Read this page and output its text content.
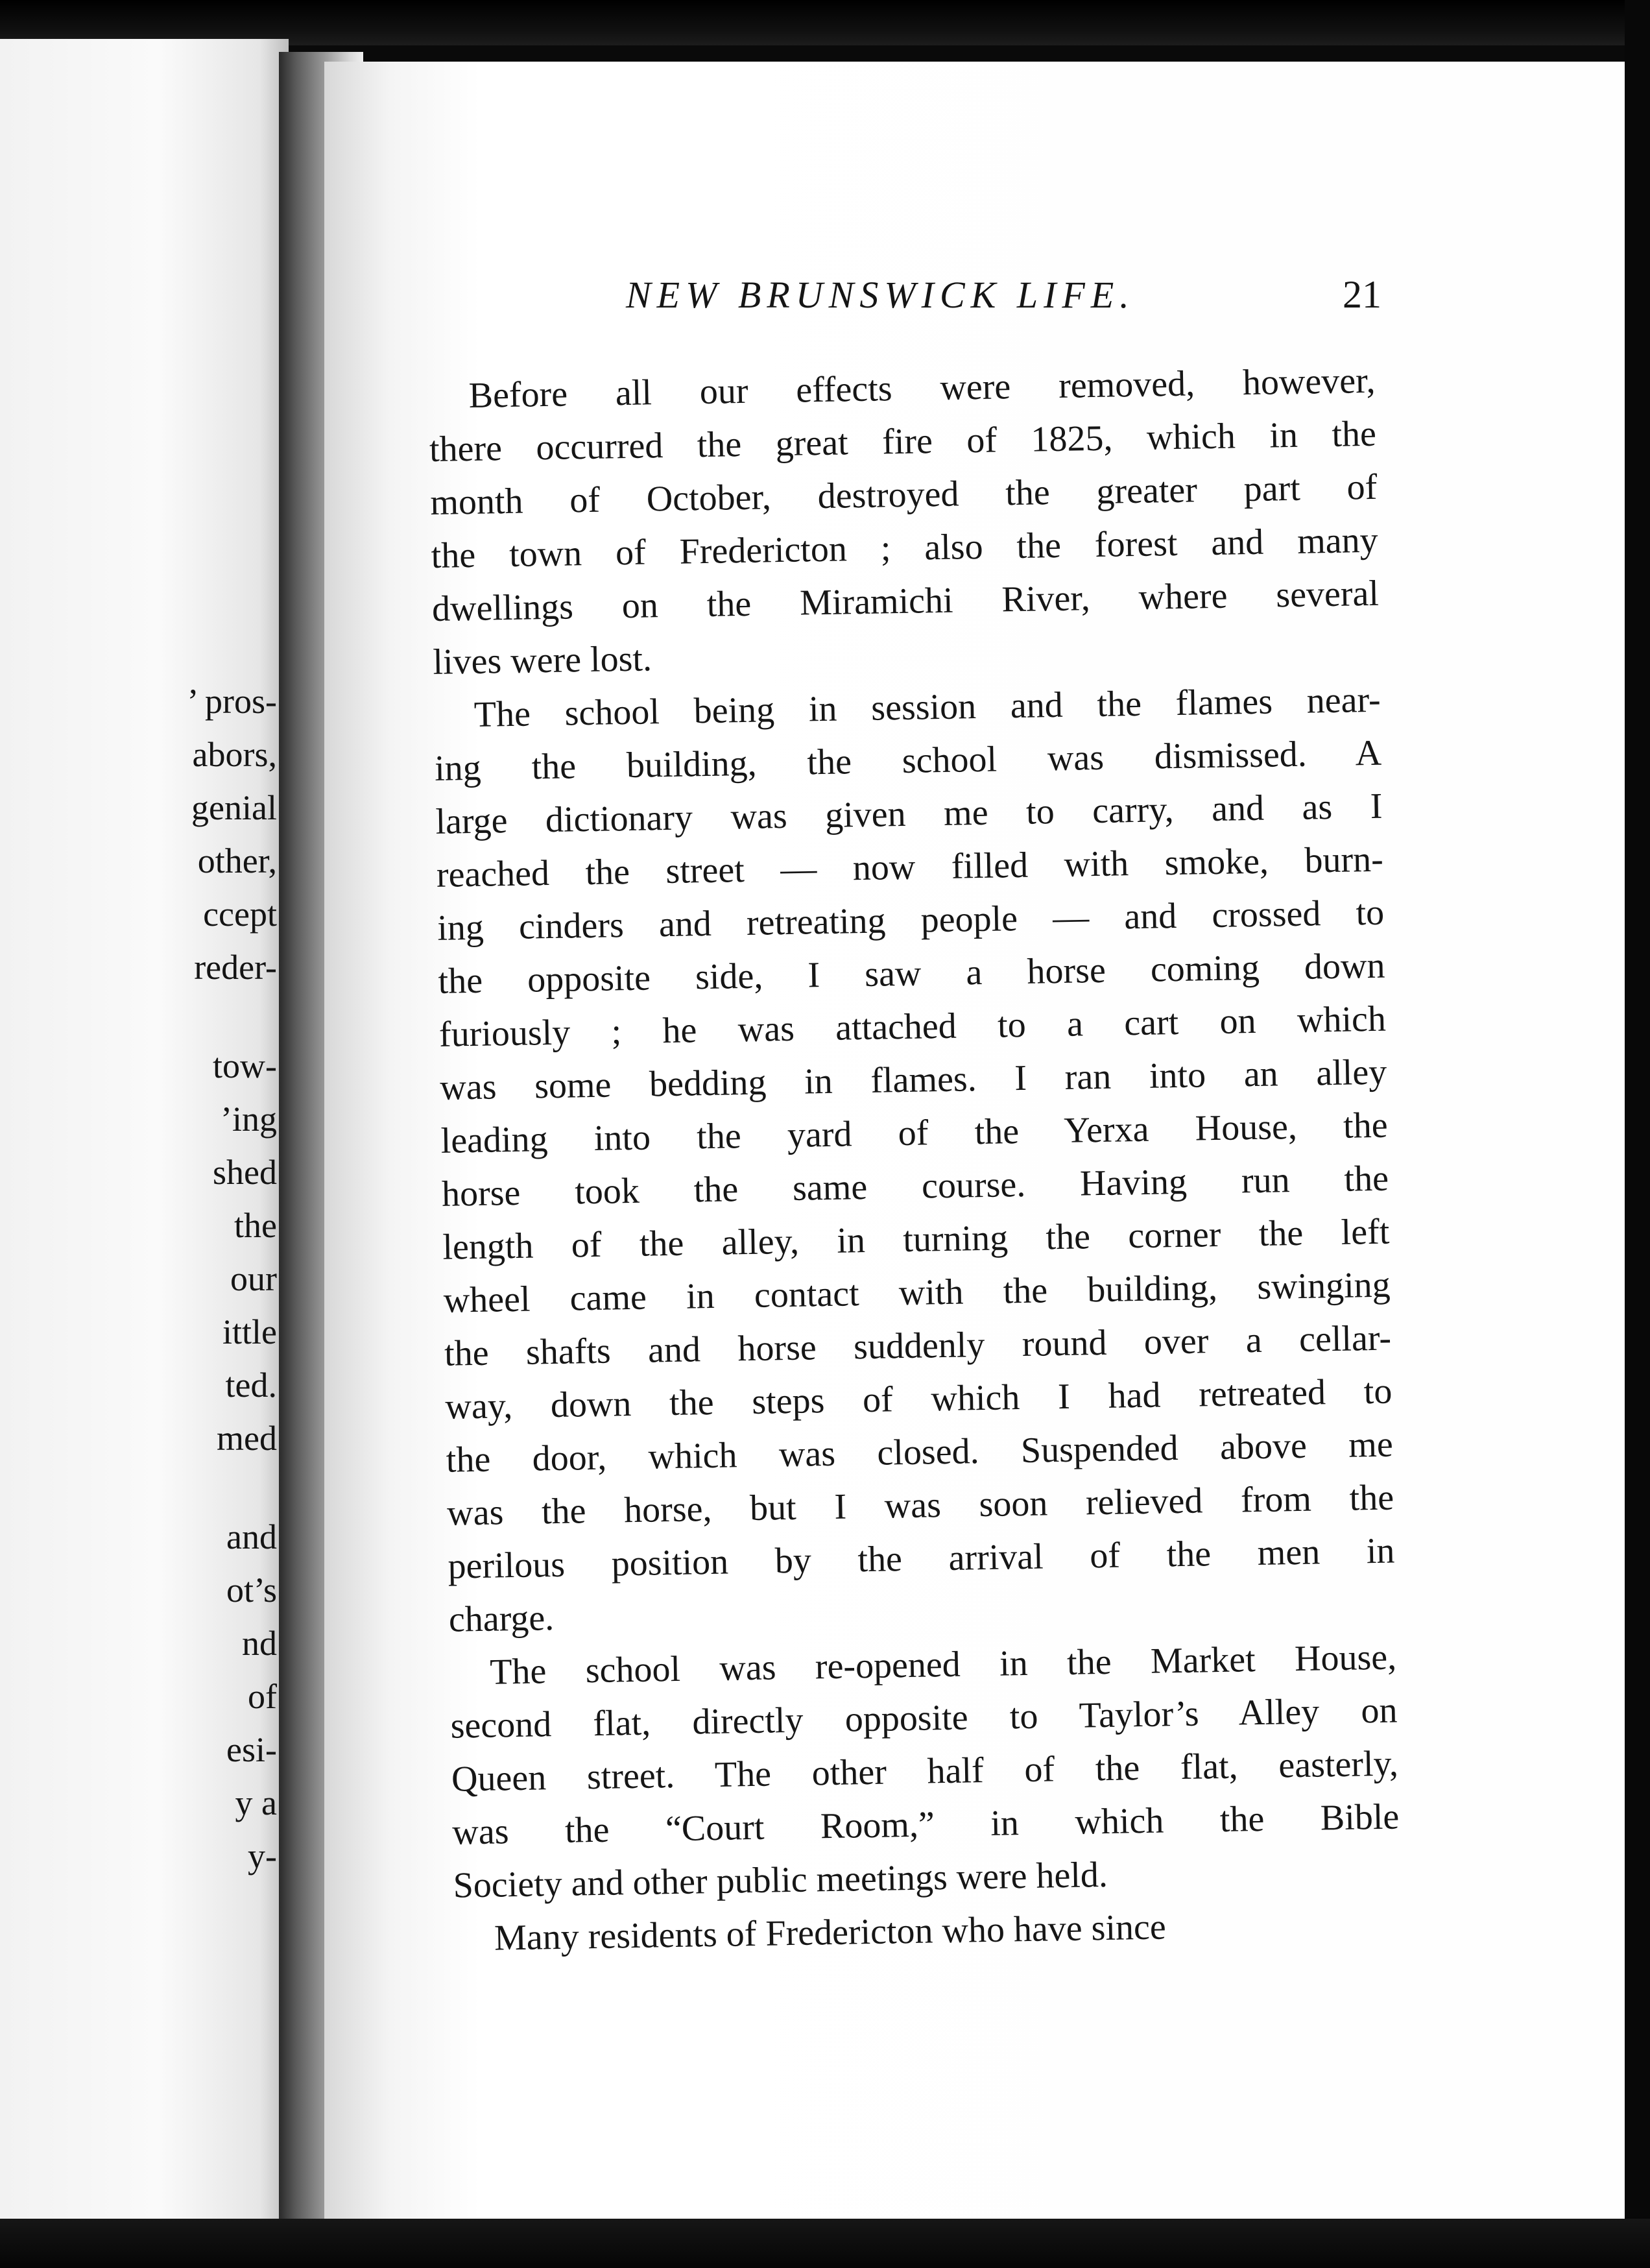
’ pros-
abors,
genial
other,
ccept
reder-
tow-
’ing
shed
the
our
ittle
ted.
med
and
ot’s
nd
of
esi-
y a
y-
NEW BRUNSWICK LIFE.	21
Before all our effects were removed, however,
there occurred the great fire of 1825, which in the
month of October, destroyed the greater part of
the town of Fredericton ; also the forest and many
dwellings on the Miramichi River, where several
lives were lost.
The school being in session and the flames near-
ing the building, the school was dismissed. A
large dictionary was given me to carry, and as I
reached the street — now filled with smoke, burn-
ing cinders and retreating people — and crossed to
the opposite side, I saw a horse coming down
furiously ; he was attached to a cart on which
was some bedding in flames. I ran into an alley
leading into the yard of the Yerxa House, the
horse took the same course. Having run the
length of the alley, in turning the corner the left
wheel came in contact with the building, swinging
the shafts and horse suddenly round over a cellar-
way, down the steps of which I had retreated to
the door, which was closed. Suspended above me
was the horse, but I was soon relieved from the
perilous position by the arrival of the men in
charge.
The school was re-opened in the Market House,
second flat, directly opposite to Taylor’s Alley on
Queen street. The other half of the flat, easterly,
was the “Court Room,” in which the Bible
Society and other public meetings were held.
Many residents of Fredericton who have since
